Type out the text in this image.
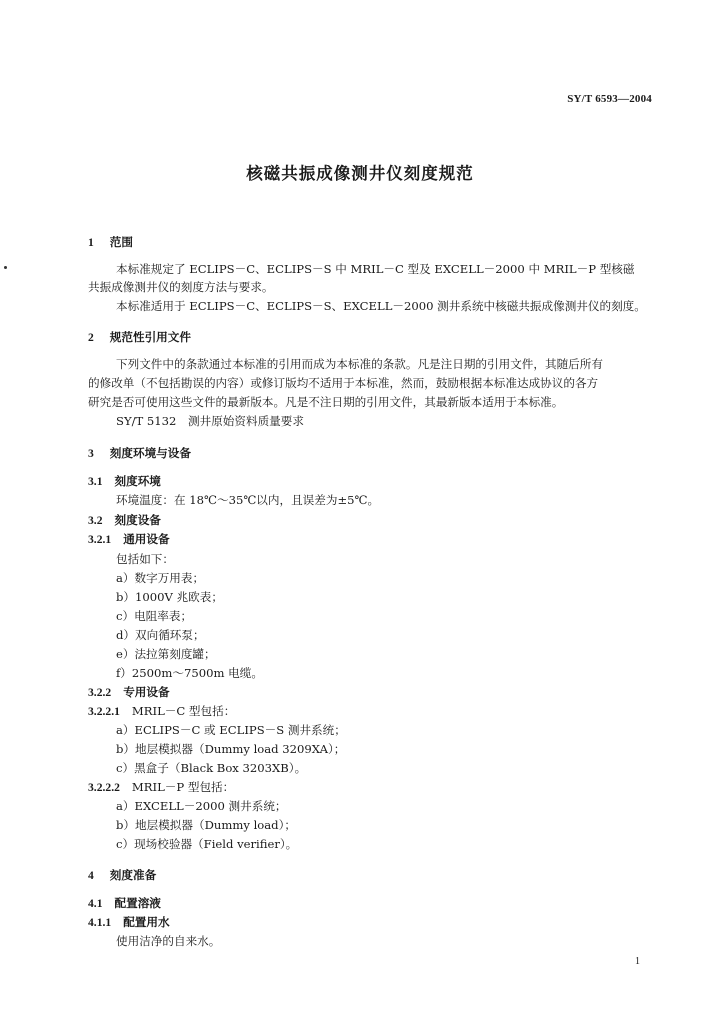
SY/T 6593—2004
核磁共振成像测井仪刻度规范
1 范围
本标准规定了 ECLIPS－C、ECLIPS－S 中 MRIL－C 型及 EXCELL－2000 中 MRIL－P 型核磁
共振成像测井仪的刻度方法与要求。
本标准适用于 ECLIPS－C、ECLIPS－S、EXCELL－2000 测井系统中核磁共振成像测井仪的刻度。
2 规范性引用文件
下列文件中的条款通过本标准的引用而成为本标准的条款。凡是注日期的引用文件，其随后所有
的修改单（不包括勘误的内容）或修订版均不适用于本标准，然而，鼓励根据本标准达成协议的各方
研究是否可使用这些文件的最新版本。凡是不注日期的引用文件，其最新版本适用于本标准。
SY/T 5132　测井原始资料质量要求
3 刻度环境与设备
3.1 刻度环境
环境温度：在 18℃～35℃以内，且误差为±5℃。
3.2 刻度设备
3.2.1 通用设备
包括如下：
a）数字万用表；
b）1000V 兆欧表；
c）电阻率表；
d）双向循环泵；
e）法拉第刻度罐；
f）2500m～7500m 电缆。
3.2.2 专用设备
3.2.2.1 MRIL－C 型包括：
a）ECLIPS－C 或 ECLIPS－S 测井系统；
b）地层模拟器（Dummy load 3209XA）；
c）黑盒子（Black Box 3203XB）。
3.2.2.2 MRIL－P 型包括：
a）EXCELL－2000 测井系统；
b）地层模拟器（Dummy load）；
c）现场校验器（Field verifier）。
4 刻度准备
4.1 配置溶液
4.1.1 配置用水
使用洁净的自来水。
1
